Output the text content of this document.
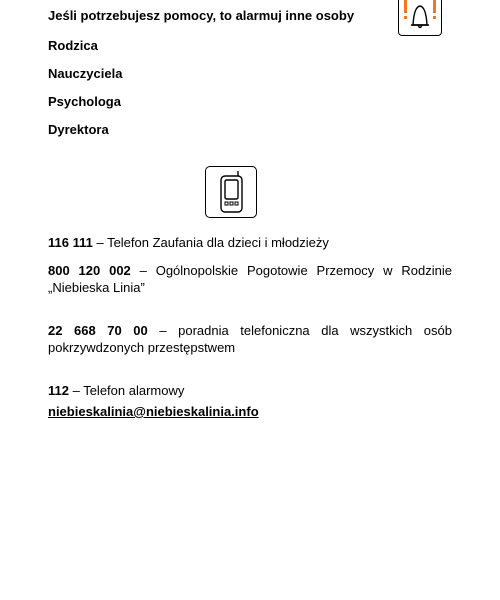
Jeśli potrzebujesz pomocy, to alarmuj inne osoby
Rodzica
Nauczyciela
Psychologa
Dyrektora
116 111 – Telefon Zaufania dla dzieci i młodzieży
800 120 002 – Ogólnopolskie Pogotowie Przemocy w Rodzinie „Niebieska Linia”
22 668 70 00 – poradnia telefoniczna dla wszystkich osób pokrzywdzonych przestępstwem
112 – Telefon alarmowy
niebieskalinia@niebieskalinia.info
